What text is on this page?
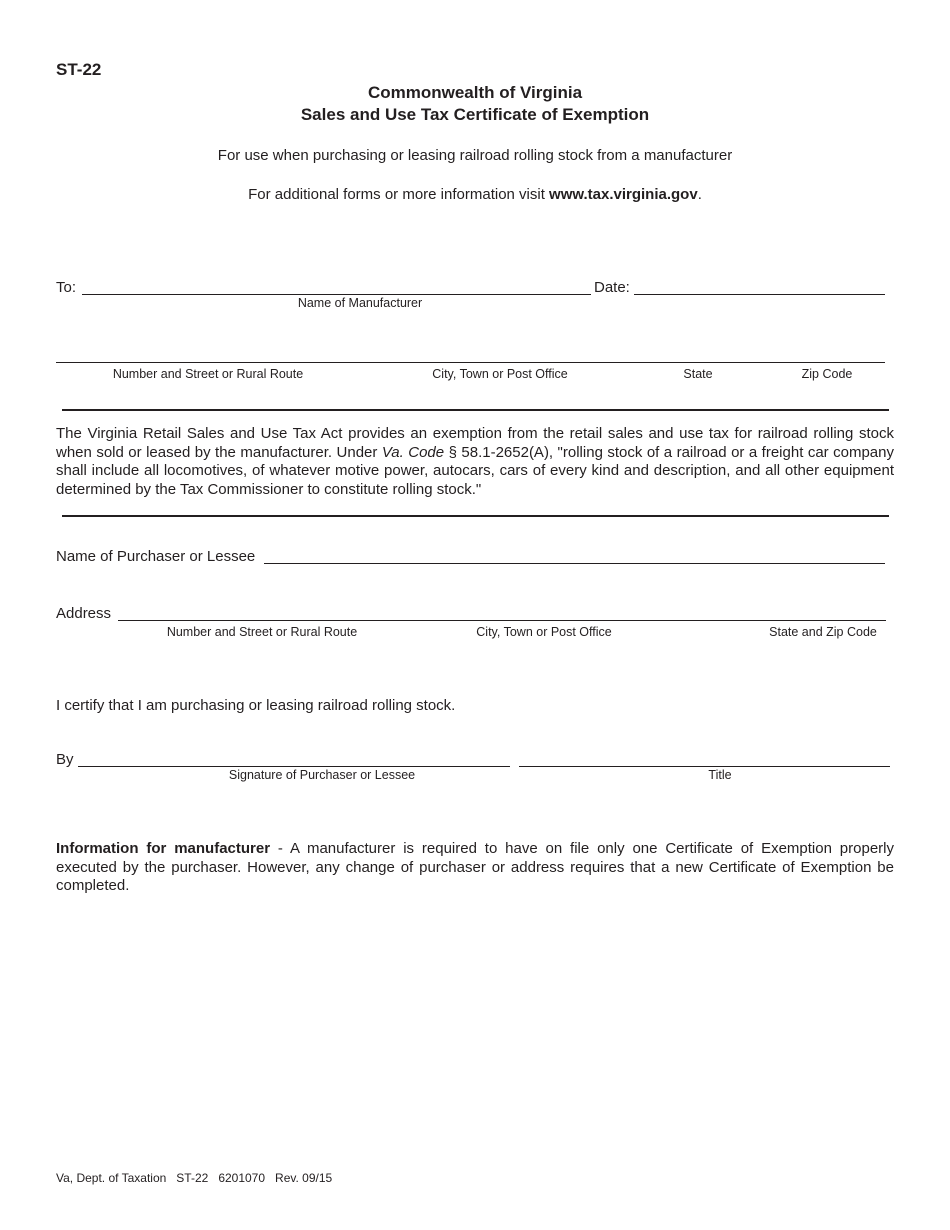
ST-22
Commonwealth of Virginia
Sales and Use Tax Certificate of Exemption
For use when purchasing or leasing railroad rolling stock from a manufacturer
For additional forms or more information visit www.tax.virginia.gov.
To:	Date:
Name of Manufacturer
Number and Street or Rural Route	City, Town or Post Office	State	Zip Code
The Virginia Retail Sales and Use Tax Act provides an exemption from the retail sales and use tax for railroad rolling stock when sold or leased by the manufacturer. Under Va. Code § 58.1-2652(A), "rolling stock of a railroad or a freight car company shall include all locomotives, of whatever motive power, autocars, cars of every kind and description, and all other equipment determined by the Tax Commissioner to constitute rolling stock."
Name of Purchaser or Lessee
Address
Number and Street or Rural Route	City, Town or Post Office	State and Zip Code
I certify that I am purchasing or leasing railroad rolling stock.
By
Signature of Purchaser or Lessee	Title
Information for manufacturer - A manufacturer is required to have on file only one Certificate of Exemption properly executed by the purchaser. However, any change of purchaser or address requires that a new Certificate of Exemption be completed.
Va, Dept. of Taxation ST-22 6201070 Rev. 09/15
